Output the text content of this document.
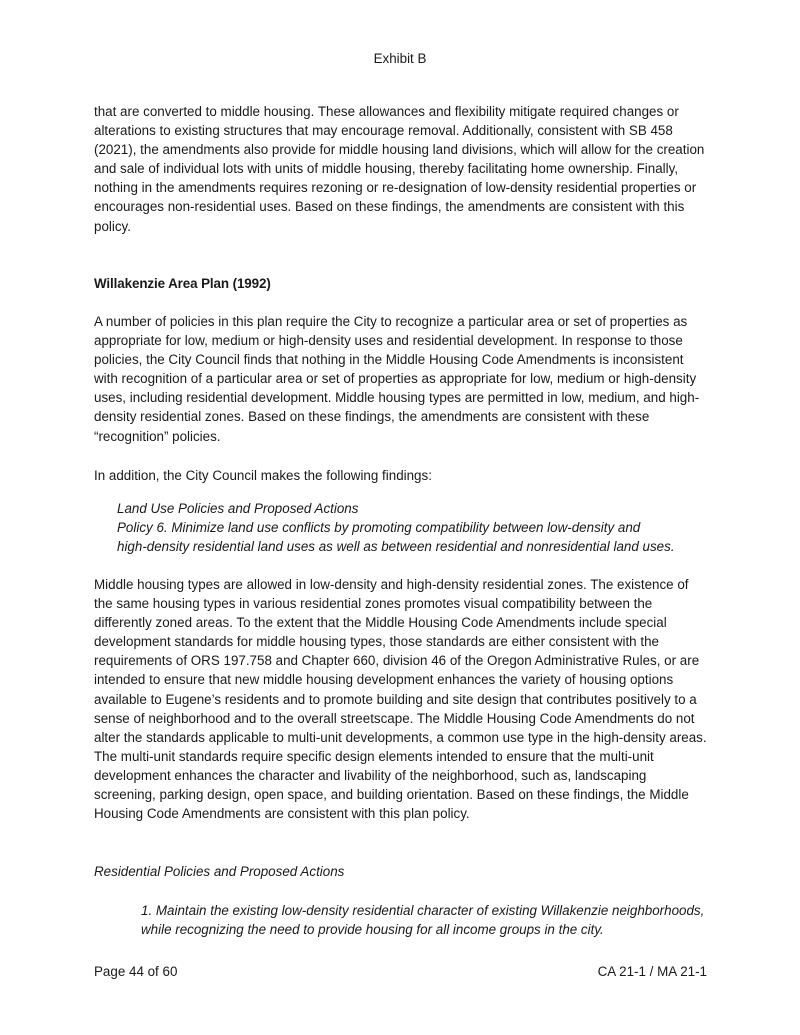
Exhibit B

that are converted to middle housing. These allowances and flexibility mitigate required changes or alterations to existing structures that may encourage removal. Additionally, consistent with SB 458 (2021), the amendments also provide for middle housing land divisions, which will allow for the creation and sale of individual lots with units of middle housing, thereby facilitating home ownership. Finally, nothing in the amendments requires rezoning or re-designation of low-density residential properties or encourages non-residential uses. Based on these findings, the amendments are consistent with this policy.

Willakenzie Area Plan (1992)

A number of policies in this plan require the City to recognize a particular area or set of properties as appropriate for low, medium or high-density uses and residential development. In response to those policies, the City Council finds that nothing in the Middle Housing Code Amendments is inconsistent with recognition of a particular area or set of properties as appropriate for low, medium or high-density uses, including residential development. Middle housing types are permitted in low, medium, and high-density residential zones. Based on these findings, the amendments are consistent with these “recognition” policies.

In addition, the City Council makes the following findings:

Land Use Policies and Proposed Actions
Policy 6. Minimize land use conflicts by promoting compatibility between low-density and
high-density residential land uses as well as between residential and nonresidential land uses.

Middle housing types are allowed in low-density and high-density residential zones. The existence of the same housing types in various residential zones promotes visual compatibility between the differently zoned areas. To the extent that the Middle Housing Code Amendments include special development standards for middle housing types, those standards are either consistent with the requirements of ORS 197.758 and Chapter 660, division 46 of the Oregon Administrative Rules, or are intended to ensure that new middle housing development enhances the variety of housing options available to Eugene’s residents and to promote building and site design that contributes positively to a sense of neighborhood and to the overall streetscape. The Middle Housing Code Amendments do not alter the standards applicable to multi-unit developments, a common use type in the high-density areas. The multi-unit standards require specific design elements intended to ensure that the multi-unit development enhances the character and livability of the neighborhood, such as, landscaping screening, parking design, open space, and building orientation. Based on these findings, the Middle Housing Code Amendments are consistent with this plan policy.

Residential Policies and Proposed Actions

1. Maintain the existing low-density residential character of existing Willakenzie neighborhoods, while recognizing the need to provide housing for all income groups in the city.

Page 44 of 60	CA 21-1 / MA 21-1
